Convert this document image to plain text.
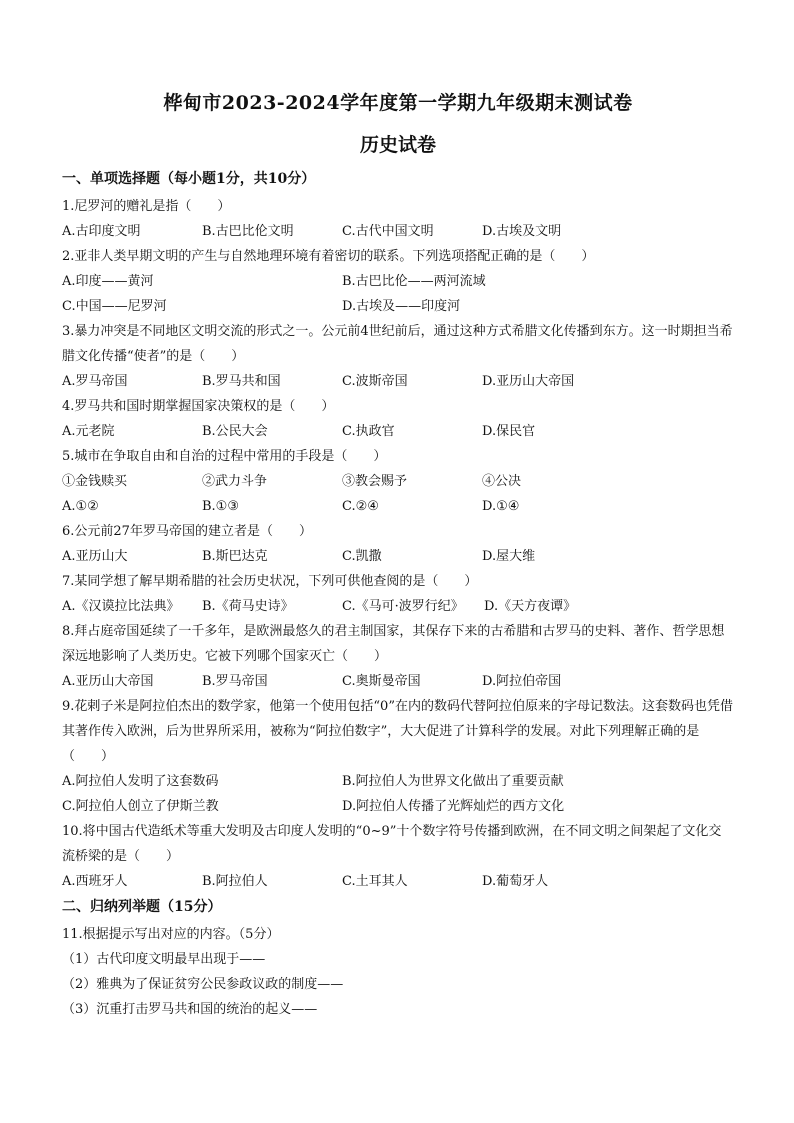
桦甸市2023-2024学年度第一学期九年级期末测试卷
历史试卷
一、单项选择题（每小题1分，共10分）
1.尼罗河的赠礼是指（　　）
A.古印度文明	B.古巴比伦文明	C.古代中国文明	D.古埃及文明
2.亚非人类早期文明的产生与自然地理环境有着密切的联系。下列选项搭配正确的是（　　）
A.印度——黄河	B.古巴比伦——两河流域
C.中国——尼罗河	D.古埃及——印度河
3.暴力冲突是不同地区文明交流的形式之一。公元前4世纪前后，通过这种方式希腊文化传播到东方。这一时期担当希腊文化传播“使者”的是（　　）
A.罗马帝国	B.罗马共和国	C.波斯帝国	D.亚历山大帝国
4.罗马共和国时期掌握国家决策权的是（　　）
A.元老院	B.公民大会	C.执政官	D.保民官
5.城市在争取自由和自治的过程中常用的手段是（　　）
①金钱赎买	②武力斗争	③教会赐予	④公决
A.①②	B.①③	C.②④	D.①④
6.公元前27年罗马帝国的建立者是（　　）
A.亚历山大	B.斯巴达克	C.凯撒	D.屋大维
7.某同学想了解早期希腊的社会历史状况，下列可供他查阅的是（　　）
A.《汉谟拉比法典》	B.《荷马史诗》	C.《马可·波罗行纪》	D.《天方夜谭》
8.拜占庭帝国延续了一千多年，是欧洲最悠久的君主制国家，其保存下来的古希腊和古罗马的史料、著作、哲学思想深远地影响了人类历史。它被下列哪个国家灭亡（　　）
A.亚历山大帝国	B.罗马帝国	C.奥斯曼帝国	D.阿拉伯帝国
9.花剌子米是阿拉伯杰出的数学家，他第一个使用包括“0”在内的数码代替阿拉伯原来的字母记数法。这套数码也凭借其著作传入欧洲，后为世界所采用，被称为“阿拉伯数字”，大大促进了计算科学的发展。对此下列理解正确的是（　　）
A.阿拉伯人发明了这套数码	B.阿拉伯人为世界文化做出了重要贡献
C.阿拉伯人创立了伊斯兰教	D.阿拉伯人传播了光辉灿烂的西方文化
10.将中国古代造纸术等重大发明及古印度人发明的“0~9”十个数字符号传播到欧洲，在不同文明之间架起了文化交流桥梁的是（　　）
A.西班牙人	B.阿拉伯人	C.土耳其人	D.葡萄牙人
二、归纳列举题（15分）
11.根据提示写出对应的内容。（5分）
（1）古代印度文明最早出现于——
（2）雅典为了保证贫穷公民参政议政的制度——
（3）沉重打击罗马共和国的统治的起义——
